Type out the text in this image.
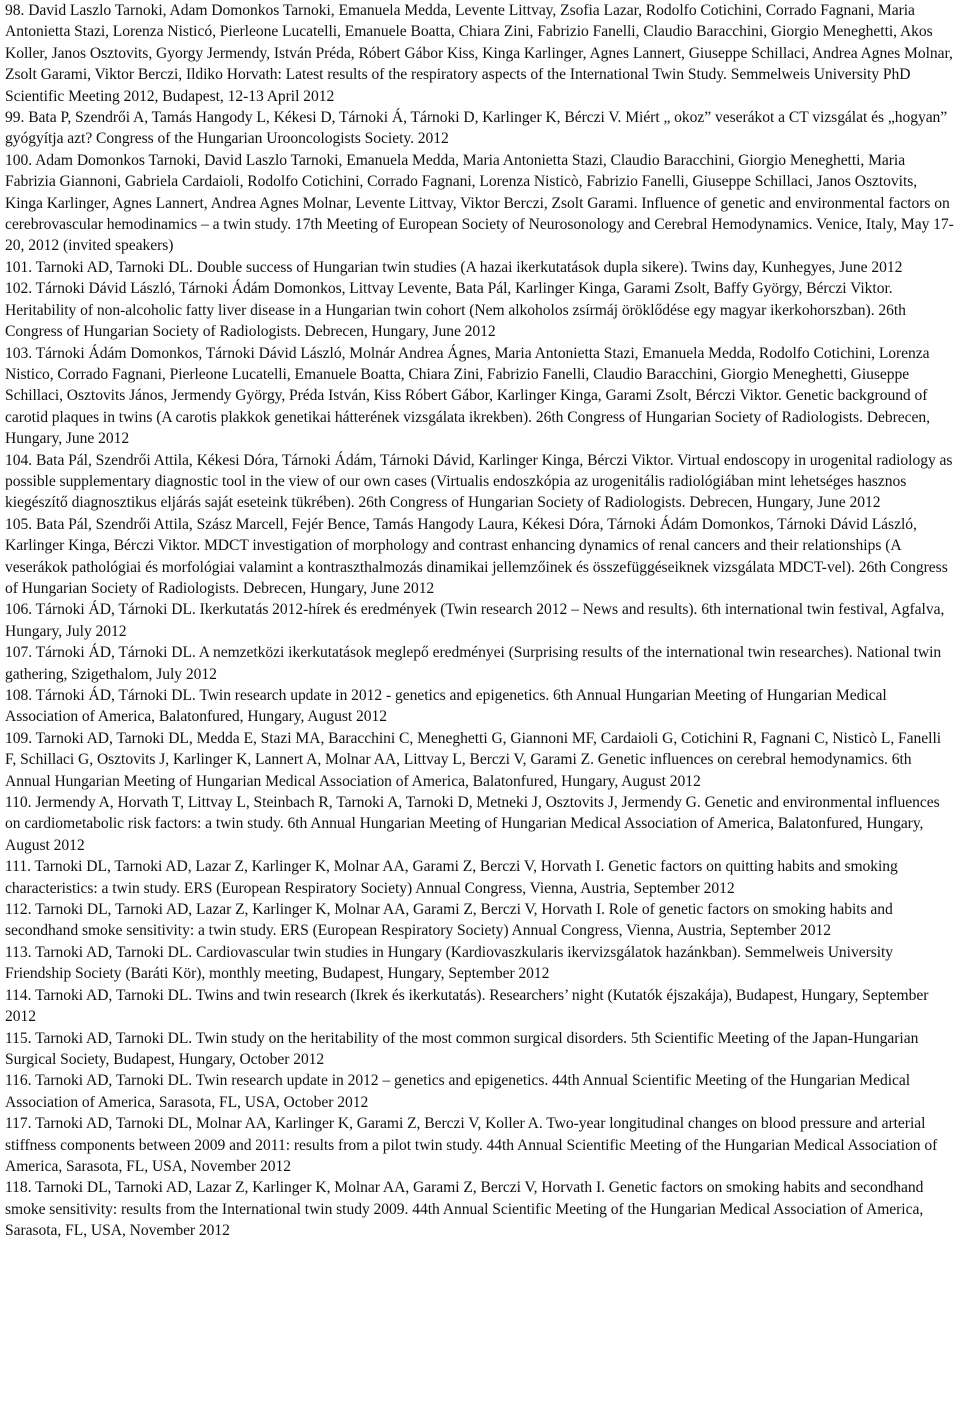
98. David Laszlo Tarnoki, Adam Domonkos Tarnoki, Emanuela Medda, Levente Littvay, Zsofia Lazar, Rodolfo Cotichini, Corrado Fagnani, Maria Antonietta Stazi, Lorenza Nisticó, Pierleone Lucatelli, Emanuele Boatta, Chiara Zini, Fabrizio Fanelli, Claudio Baracchini, Giorgio Meneghetti, Akos Koller, Janos Osztovits, Gyorgy Jermendy, István Préda, Róbert Gábor Kiss, Kinga Karlinger, Agnes Lannert, Giuseppe Schillaci, Andrea Agnes Molnar, Zsolt Garami, Viktor Berczi, Ildiko Horvath: Latest results of the respiratory aspects of the International Twin Study. Semmelweis University PhD Scientific Meeting 2012, Budapest, 12-13 April 2012

99. Bata P, Szendrői A, Tamás Hangody L, Kékesi D, Tárnoki Á, Tárnoki D, Karlinger K, Bérczi V. Miért „ okoz” veserákot a CT vizsgálat és „hogyan” gyógyítja azt? Congress of the Hungarian Urooncologists Society. 2012

100. Adam Domonkos Tarnoki, David Laszlo Tarnoki, Emanuela Medda, Maria Antonietta Stazi, Claudio Baracchini, Giorgio Meneghetti, Maria Fabrizia Giannoni, Gabriela Cardaioli, Rodolfo Cotichini, Corrado Fagnani, Lorenza Nisticò, Fabrizio Fanelli, Giuseppe Schillaci, Janos Osztovits, Kinga Karlinger, Agnes Lannert, Andrea Agnes Molnar, Levente Littvay, Viktor Berczi, Zsolt Garami. Influence of genetic and environmental factors on cerebrovascular hemodinamics – a twin study. 17th Meeting of European Society of Neurosonology and Cerebral Hemodynamics. Venice, Italy, May 17-20, 2012 (invited speakers)

101. Tarnoki AD, Tarnoki DL. Double success of Hungarian twin studies (A hazai ikerkutatások dupla sikere). Twins day, Kunhegyes, June 2012

102. Tárnoki Dávid László, Tárnoki Ádám Domonkos, Littvay Levente, Bata Pál, Karlinger Kinga, Garami Zsolt, Baffy György, Bérczi Viktor. Heritability of non-alcoholic fatty liver disease in a Hungarian twin cohort (Nem alkoholos zsírmáj öröklődése egy magyar ikerkohorszban). 26th Congress of Hungarian Society of Radiologists. Debrecen, Hungary, June 2012

103. Tárnoki Ádám Domonkos, Tárnoki Dávid László, Molnár Andrea Ágnes, Maria Antonietta Stazi, Emanuela Medda, Rodolfo Cotichini, Lorenza Nistico, Corrado Fagnani, Pierleone Lucatelli, Emanuele Boatta, Chiara Zini, Fabrizio Fanelli, Claudio Baracchini, Giorgio Meneghetti, Giuseppe Schillaci, Osztovits János, Jermendy György, Préda István, Kiss Róbert Gábor, Karlinger Kinga, Garami Zsolt, Bérczi Viktor. Genetic background of carotid plaques in twins (A carotis plakkok genetikai hátterének vizsgálata ikrekben). 26th Congress of Hungarian Society of Radiologists. Debrecen, Hungary, June 2012

104. Bata Pál, Szendrői Attila, Kékesi Dóra, Tárnoki Ádám, Tárnoki Dávid, Karlinger Kinga, Bérczi Viktor. Virtual endoscopy in urogenital radiology as possible supplementary diagnostic tool in the view of our own cases (Virtualis endoszkópia az urogenitális radiológiában mint lehetséges hasznos kiegészítő diagnosztikus eljárás saját eseteink tükrében). 26th Congress of Hungarian Society of Radiologists. Debrecen, Hungary, June 2012

105. Bata Pál, Szendrői Attila, Szász Marcell, Fejér Bence, Tamás Hangody Laura, Kékesi Dóra, Tárnoki Ádám Domonkos, Tárnoki Dávid László, Karlinger Kinga, Bérczi Viktor. MDCT investigation of morphology and contrast enhancing dynamics of renal cancers and their relationships (A veserákok pathológiai és morfológiai valamint a kontraszthalmozás dinamikai jellemzőinek és összefüggéseiknek vizsgálata MDCT-vel). 26th Congress of Hungarian Society of Radiologists. Debrecen, Hungary, June 2012

106. Tárnoki ÁD, Tárnoki DL. Ikerkutatás 2012-hírek és eredmények (Twin research 2012 – News and results). 6th international twin festival, Agfalva, Hungary, July 2012

107. Tárnoki ÁD, Tárnoki DL. A nemzetközi ikerkutatások meglepő eredményei (Surprising results of the international twin researches). National twin gathering, Szigethalom, July 2012

108. Tárnoki ÁD, Tárnoki DL. Twin research update in 2012 - genetics and epigenetics. 6th Annual Hungarian Meeting of Hungarian Medical Association of America, Balatonfured, Hungary, August 2012

109. Tarnoki AD, Tarnoki DL, Medda E, Stazi MA, Baracchini C, Meneghetti G, Giannoni MF, Cardaioli G, Cotichini R, Fagnani C, Nisticò L, Fanelli F, Schillaci G, Osztovits J, Karlinger K, Lannert A, Molnar AA, Littvay L, Berczi V, Garami Z. Genetic influences on cerebral hemodynamics. 6th Annual Hungarian Meeting of Hungarian Medical Association of America, Balatonfured, Hungary, August 2012

110. Jermendy A, Horvath T, Littvay L, Steinbach R, Tarnoki A, Tarnoki D, Metneki J, Osztovits J, Jermendy G. Genetic and environmental influences on cardiometabolic risk factors: a twin study. 6th Annual Hungarian Meeting of Hungarian Medical Association of America, Balatonfured, Hungary, August 2012

111. Tarnoki DL, Tarnoki AD, Lazar Z, Karlinger K, Molnar AA, Garami Z, Berczi V, Horvath I. Genetic factors on quitting habits and smoking characteristics: a twin study. ERS (European Respiratory Society) Annual Congress, Vienna, Austria, September 2012

112. Tarnoki DL, Tarnoki AD, Lazar Z, Karlinger K, Molnar AA, Garami Z, Berczi V, Horvath I. Role of genetic factors on smoking habits and secondhand smoke sensitivity: a twin study. ERS (European Respiratory Society) Annual Congress, Vienna, Austria, September 2012

113. Tarnoki AD, Tarnoki DL. Cardiovascular twin studies in Hungary (Kardiovaszkularis ikervizsgálatok hazánkban). Semmelweis University Friendship Society (Baráti Kör), monthly meeting, Budapest, Hungary, September 2012

114. Tarnoki AD, Tarnoki DL. Twins and twin research (Ikrek és ikerkutatás). Researchers’ night (Kutatók éjszakája), Budapest, Hungary, September 2012

115. Tarnoki AD, Tarnoki DL. Twin study on the heritability of the most common surgical disorders. 5th Scientific Meeting of the Japan-Hungarian Surgical Society, Budapest, Hungary, October 2012

116. Tarnoki AD, Tarnoki DL. Twin research update in 2012 – genetics and epigenetics. 44th Annual Scientific Meeting of the Hungarian Medical Association of America, Sarasota, FL, USA, October 2012

117. Tarnoki AD, Tarnoki DL, Molnar AA, Karlinger K, Garami Z, Berczi V, Koller A. Two-year longitudinal changes on blood pressure and arterial stiffness components between 2009 and 2011: results from a pilot twin study. 44th Annual Scientific Meeting of the Hungarian Medical Association of America, Sarasota, FL, USA, November 2012

118. Tarnoki DL, Tarnoki AD, Lazar Z, Karlinger K, Molnar AA, Garami Z, Berczi V, Horvath I. Genetic factors on smoking habits and secondhand smoke sensitivity: results from the International twin study 2009. 44th Annual Scientific Meeting of the Hungarian Medical Association of America, Sarasota, FL, USA, November 2012
